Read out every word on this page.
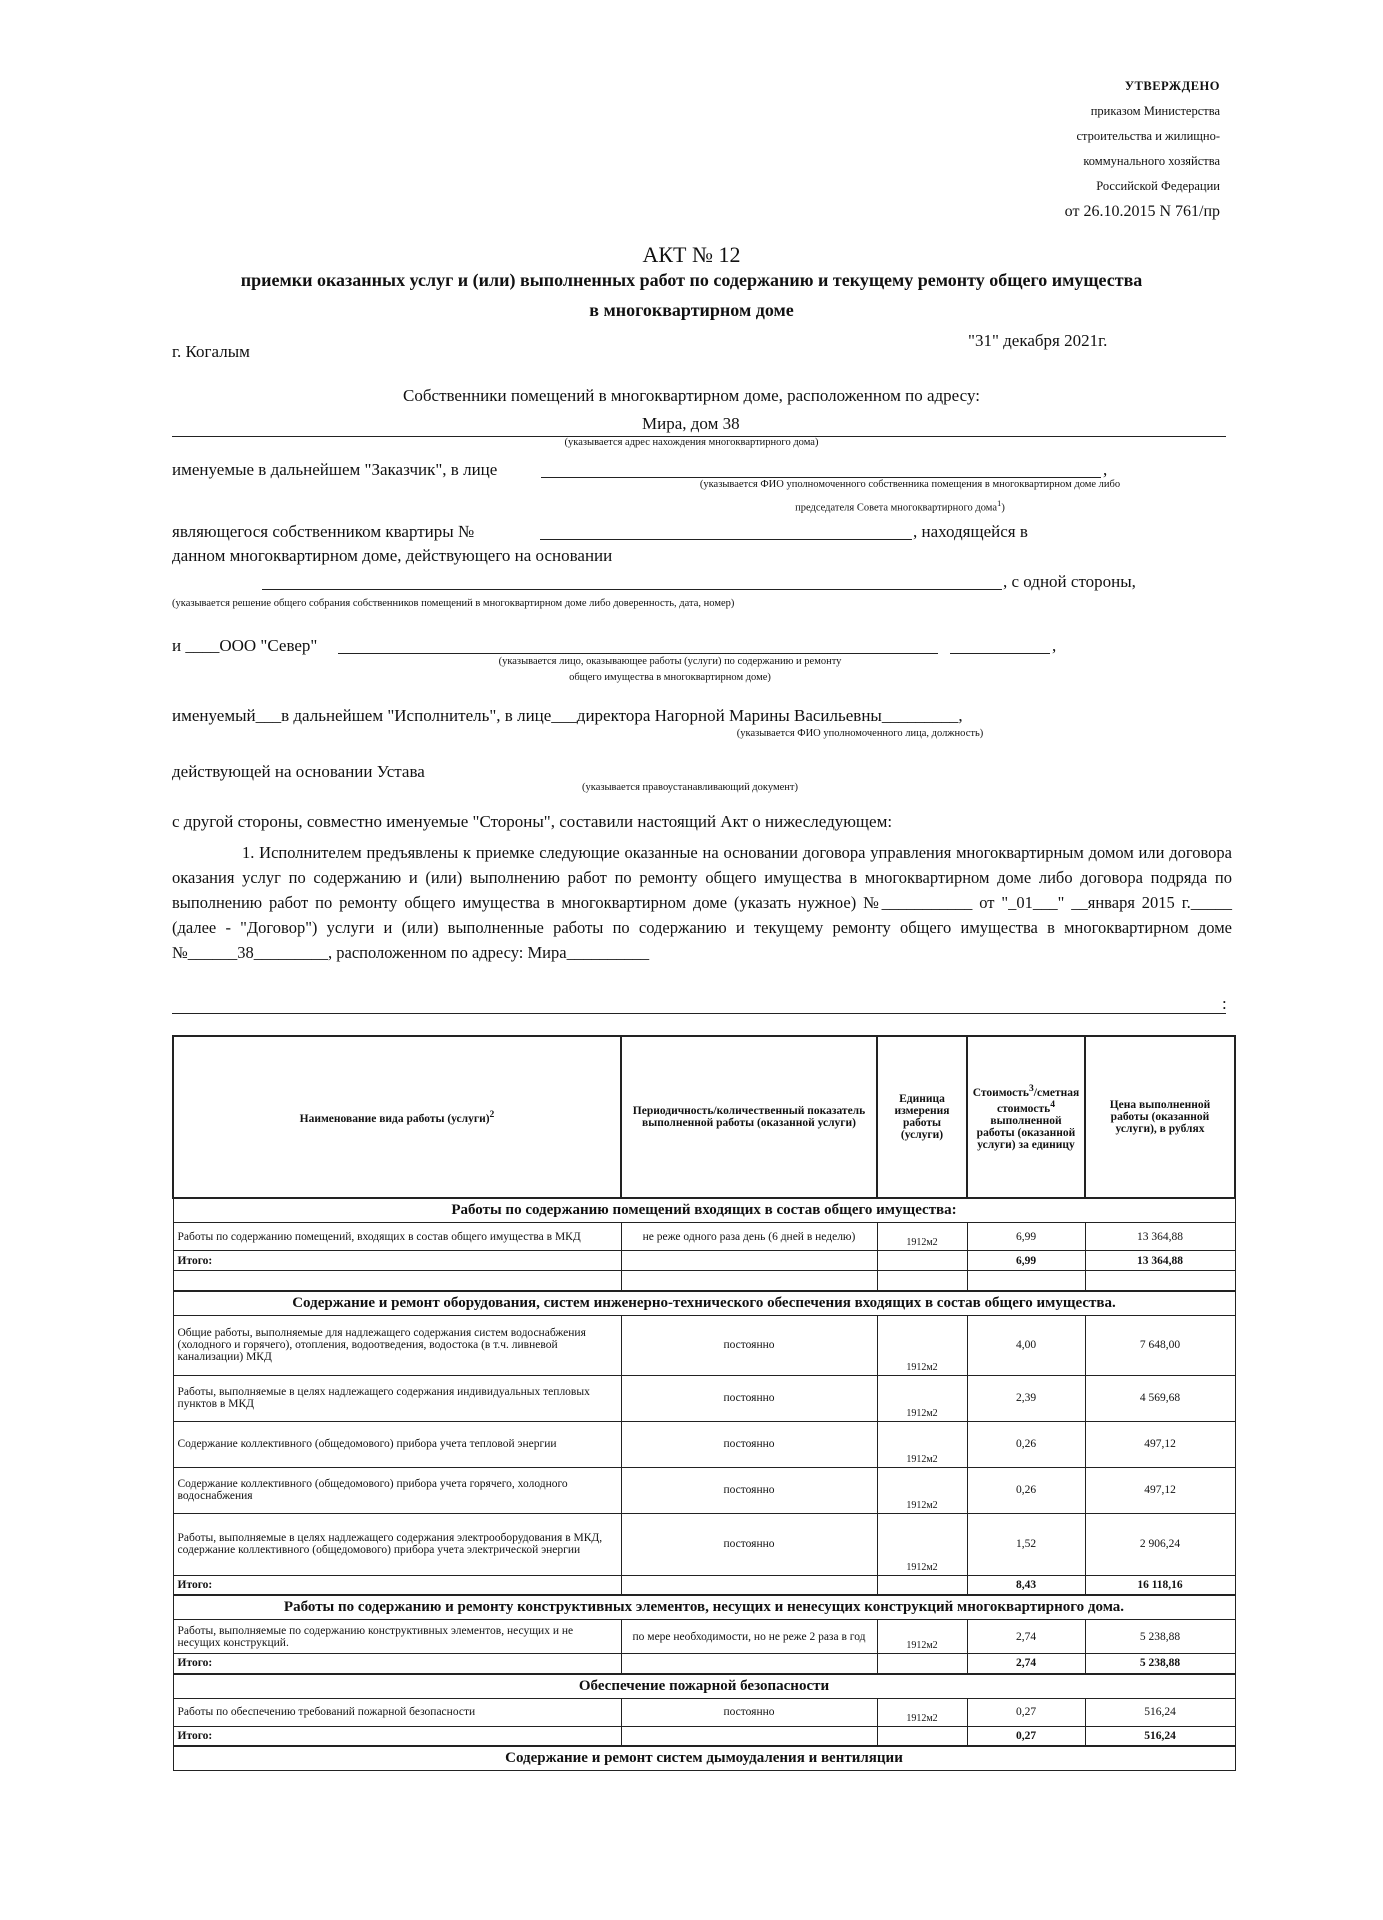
УТВЕРЖДЕНО
приказом Министерства
строительства и жилищно-
коммунального хозяйства
Российской Федерации
от 26.10.2015 N 761/пр
АКТ № 12
приемки оказанных услуг и (или) выполненных работ по содержанию и текущему ремонту общего имущества
в многоквартирном доме
г. Когалым
"31" декабря 2021г.
Собственники помещений в многоквартирном доме, расположенном по адресу:
Мира, дом 38
(указывается адрес нахождения многоквартирного дома)
именуемые в дальнейшем "Заказчик", в лице	,
(указывается ФИО уполномоченного собственника помещения в многоквартирном доме либо
председателя Совета многоквартирного дома$^1$)
являющегося собственником квартиры №	, находящейся в
данном многоквартирном доме, действующего на основании
, с одной стороны,
(указывается решение общего собрания собственников помещений в многоквартирном доме либо доверенность, дата, номер)
и ____ООО "Север"	,
(указывается лицо, оказывающее работы (услуги) по содержанию и ремонту
общего имущества в многоквартирном доме)
именуемый___в дальнейшем "Исполнитель", в лице___директора Нагорной Марины Васильевны_________,
(указывается ФИО уполномоченного лица, должность)
действующей на основании Устава
(указывается правоустанавливающий документ)
с другой стороны, совместно именуемые "Стороны", составили настоящий Акт о нижеследующем:
1. Исполнителем предъявлены к приемке следующие оказанные на основании договора управления многоквартирным домом или договора оказания услуг по содержанию и (или) выполнению работ по ремонту общего имущества в многоквартирном доме либо договора подряда по выполнению работ по ремонту общего имущества в многоквартирном доме (указать нужное) №___________ от "_01___" __января 2015 г._____ (далее - "Договор") услуги и (или) выполненные работы по содержанию и текущему ремонту общего имущества в многоквартирном доме №______38_________, расположенном по адресу: Мира__________
:
Наименование вида работы (услуги)$^2$	Периодичность/количественный показатель выполненной работы (оказанной услуги)	Единица измерения работы (услуги)	Стоимость$^3$/сметная стоимость$^4$ выполненной работы (оказанной услуги) за единицу	Цена выполненной работы (оказанной услуги), в рублях
Работы по содержанию помещений входящих в состав общего имущества:				
Работы по содержанию помещений, входящих в состав общего имущества в МКД	не реже одного раза день (6 дней в неделю)	1912м2	6,99	13 364,88
Итого:			6,99	13 364,88

Содержание и ремонт оборудования, систем инженерно-технического обеспечения входящих в состав общего имущества.				
Общие работы, выполняемые для надлежащего содержания систем водоснабжения (холодного и горячего), отопления, водоотведения, водостока (в т.ч. ливневой канализации) МКД	постоянно	1912м2	4,00	7 648,00
Работы, выполняемые в целях надлежащего содержания индивидуальных тепловых пунктов в МКД	постоянно	1912м2	2,39	4 569,68
Содержание коллективного (общедомового) прибора учета тепловой энергии	постоянно	1912м2	0,26	497,12
Содержание коллективного (общедомового) прибора учета горячего, холодного водоснабжения	постоянно	1912м2	0,26	497,12
Работы, выполняемые в целях надлежащего содержания электрооборудования в МКД, содержание коллективного (общедомового) прибора учета электрической энергии	постоянно	1912м2	1,52	2 906,24
Итого:			8,43	16 118,16
Работы по содержанию и ремонту конструктивных элементов, несущих и ненесущих конструкций многоквартирного дома.				
Работы, выполняемые по содержанию конструктивных элементов, несущих и не несущих конструкций.	по мере необходимости, но не реже 2 раза в год	1912м2	2,74	5 238,88
Итого:			2,74	5 238,88
Обеспечение пожарной безопасности				
Работы по обеспечению требований пожарной безопасности	постоянно	1912м2	0,27	516,24
Итого:			0,27	516,24
Содержание и ремонт систем дымоудаления и вентиляции				
